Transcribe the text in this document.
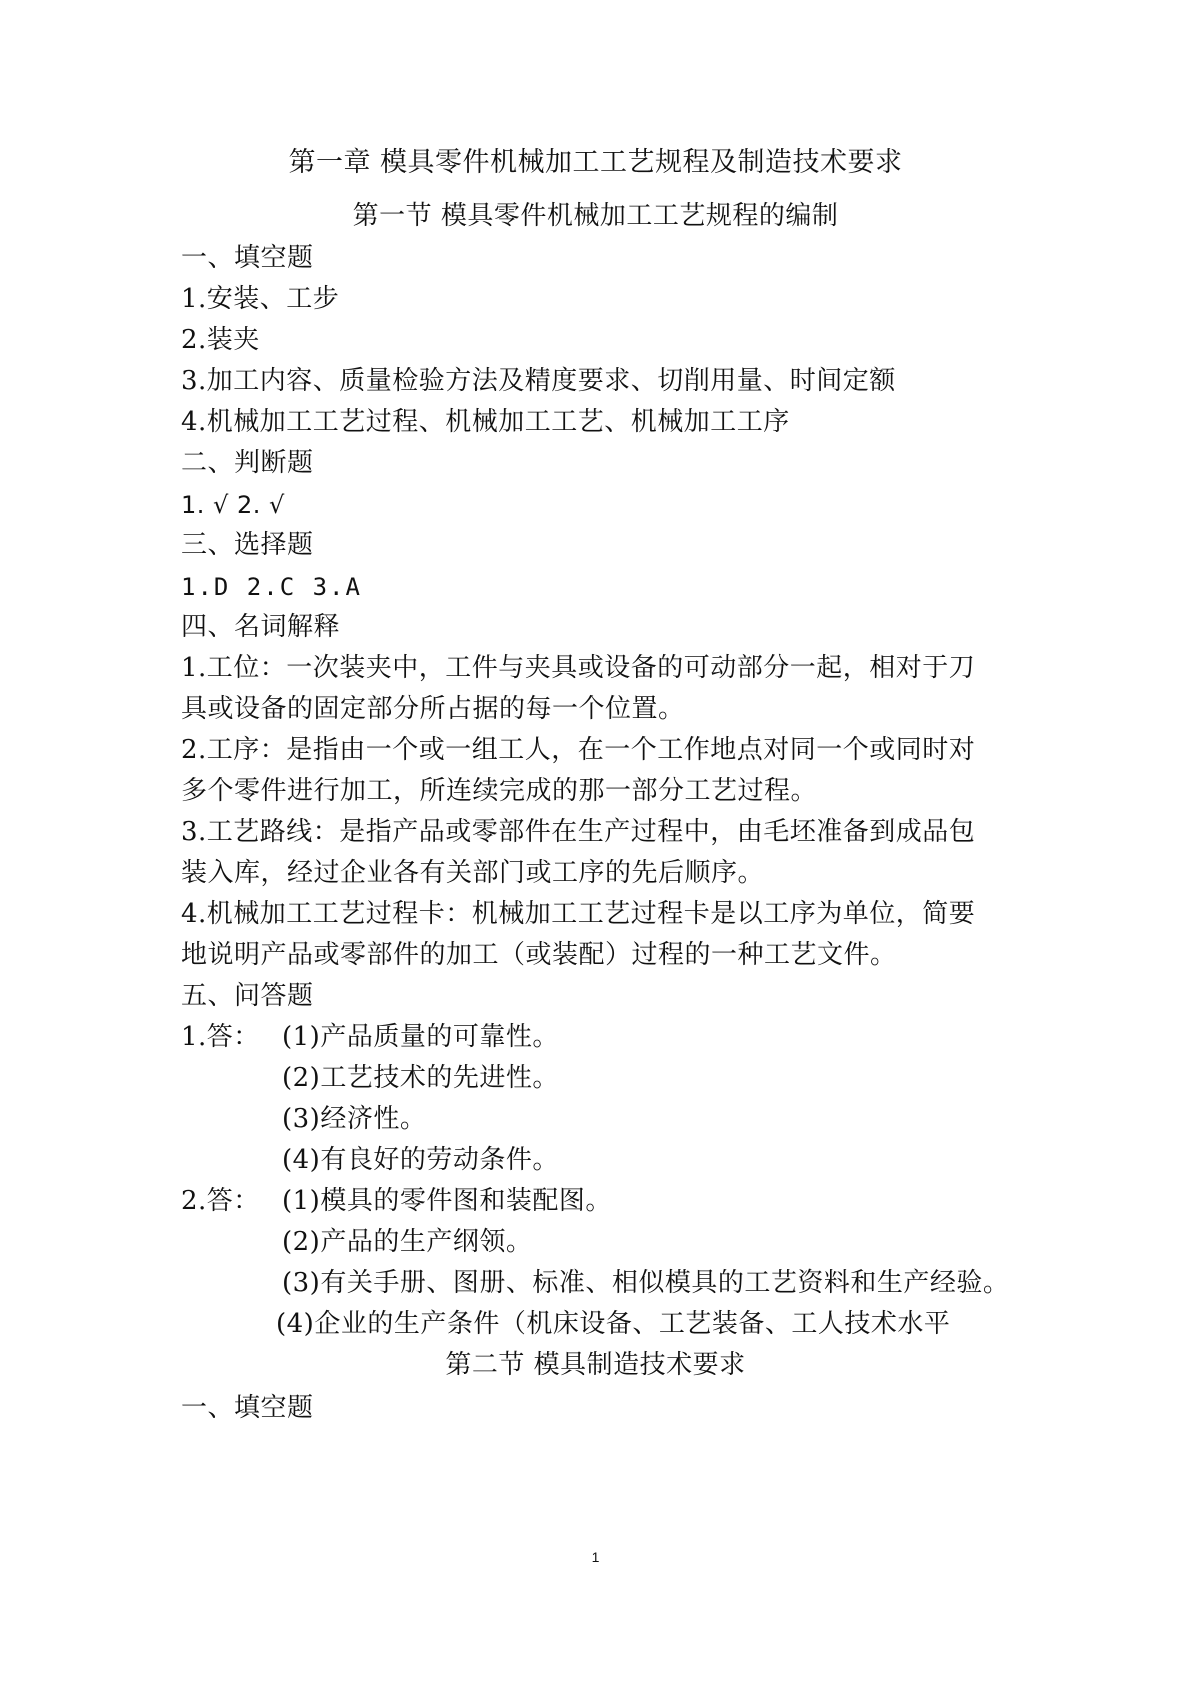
第一章 模具零件机械加工工艺规程及制造技术要求
第一节 模具零件机械加工工艺规程的编制
一、填空题
1.安装、工步
2.装夹
3.加工内容、质量检验方法及精度要求、切削用量、时间定额
4.机械加工工艺过程、机械加工工艺、机械加工工序
二、判断题
1. √ 2. √
三、选择题
1.D 2.C 3.A
四、名词解释
1.工位：一次装夹中，工件与夹具或设备的可动部分一起，相对于刀
具或设备的固定部分所占据的每一个位置。
2.工序：是指由一个或一组工人，在一个工作地点对同一个或同时对
多个零件进行加工，所连续完成的那一部分工艺过程。
3.工艺路线：是指产品或零部件在生产过程中，由毛坯准备到成品包
装入库，经过企业各有关部门或工序的先后顺序。
4.机械加工工艺过程卡：机械加工工艺过程卡是以工序为单位，简要
地说明产品或零部件的加工（或装配）过程的一种工艺文件。
五、问答题
1.答： (1)产品质量的可靠性。
(2)工艺技术的先进性。
(3)经济性。
(4)有良好的劳动条件。
2.答： (1)模具的零件图和装配图。
(2)产品的生产纲领。
(3)有关手册、图册、标准、相似模具的工艺资料和生产经验。
(4)企业的生产条件（机床设备、工艺装备、工人技术水平
第二节 模具制造技术要求
一、填空题
1
